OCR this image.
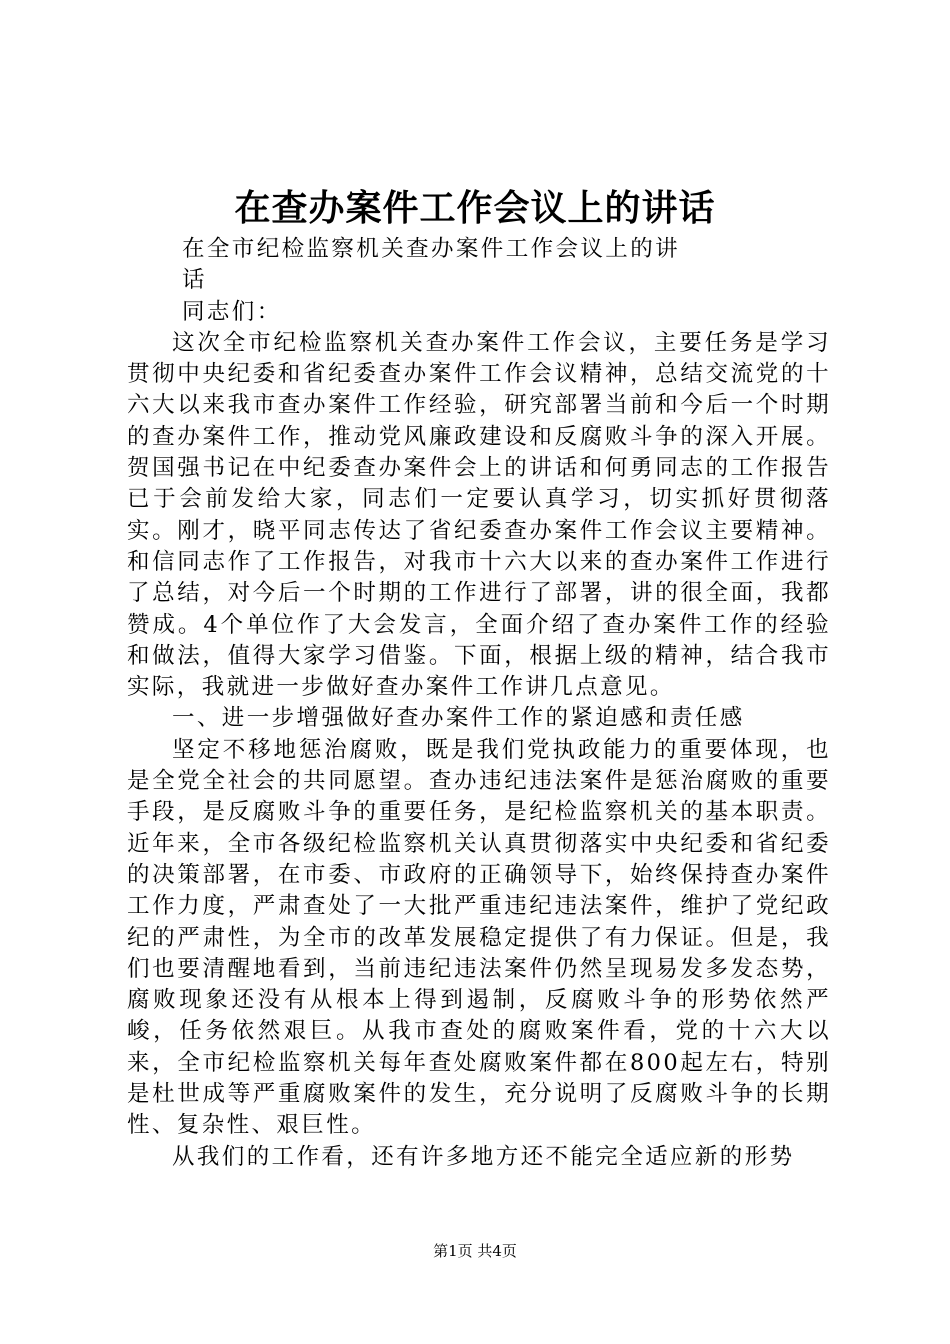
在查办案件工作会议上的讲话

在全市纪检监察机关查办案件工作会议上的讲话

同志们：

这次全市纪检监察机关查办案件工作会议，主要任务是学习贯彻中央纪委和省纪委查办案件工作会议精神，总结交流党的十六大以来我市查办案件工作经验，研究部署当前和今后一个时期的查办案件工作，推动党风廉政建设和反腐败斗争的深入开展。贺国强书记在中纪委查办案件会上的讲话和何勇同志的工作报告已于会前发给大家，同志们一定要认真学习，切实抓好贯彻落实。刚才，晓平同志传达了省纪委查办案件工作会议主要精神。和信同志作了工作报告，对我市十六大以来的查办案件工作进行了总结，对今后一个时期的工作进行了部署，讲的很全面，我都赞成。4个单位作了大会发言，全面介绍了查办案件工作的经验和做法，值得大家学习借鉴。下面，根据上级的精神，结合我市实际，我就进一步做好查办案件工作讲几点意见。

一、进一步增强做好查办案件工作的紧迫感和责任感

坚定不移地惩治腐败，既是我们党执政能力的重要体现，也是全党全社会的共同愿望。查办违纪违法案件是惩治腐败的重要手段，是反腐败斗争的重要任务，是纪检监察机关的基本职责。近年来，全市各级纪检监察机关认真贯彻落实中央纪委和省纪委的决策部署，在市委、市政府的正确领导下，始终保持查办案件工作力度，严肃查处了一大批严重违纪违法案件，维护了党纪政纪的严肃性，为全市的改革发展稳定提供了有力保证。但是，我们也要清醒地看到，当前违纪违法案件仍然呈现易发多发态势，腐败现象还没有从根本上得到遏制，反腐败斗争的形势依然严峻，任务依然艰巨。从我市查处的腐败案件看，党的十六大以来，全市纪检监察机关每年查处腐败案件都在800起左右，特别是杜世成等严重腐败案件的发生，充分说明了反腐败斗争的长期性、复杂性、艰巨性。

从我们的工作看，还有许多地方还不能完全适应新的形势

第1页 共4页
